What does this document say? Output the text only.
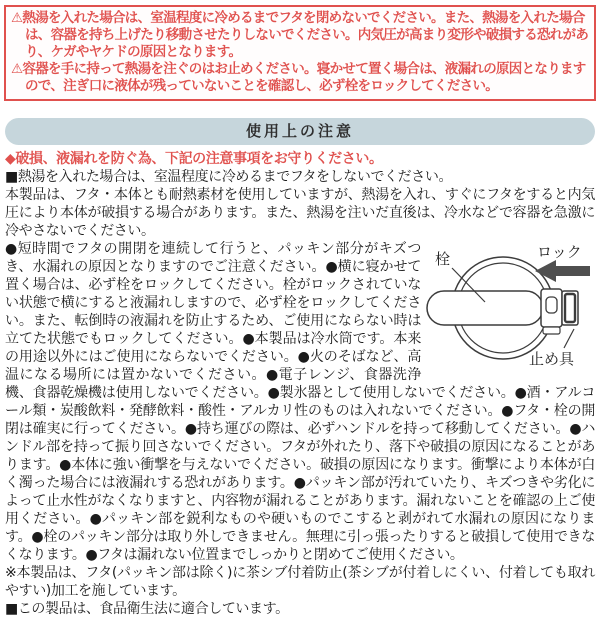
⚠熱湯を入れた場合は、室温程度に冷めるまでフタを閉めないでください。また、熱湯を入れた場合は、容器を持ち上げたり移動させたりしないでください。内気圧が高まり変形や破損する恐れがあり、ケガやヤケドの原因となります。
⚠容器を手に持って熱湯を注ぐのはお止めください。寝かせて置く場合は、液漏れの原因となりますので、注ぎ口に液体が残っていないことを確認し、必ず栓をロックしてください。
使用上の注意

◆破損、液漏れを防ぐ為、下記の注意事項をお守りください。

■熱湯を入れた場合は、室温程度に冷めるまでフタをしないでください。

本製品は、フタ・本体とも耐熱素材を使用していますが、熱湯を入れ、すぐにフタをすると内気圧により本体が破損する場合があります。また、熱湯を注いだ直後は、冷水などで容器を急激に冷やさないでください。

栓	ロック
止め具

●短時間でフタの開閉を連続して行うと、パッキン部分がキズつき、水漏れの原因となりますのでご注意ください。●横に寝かせて置く場合は、必ず栓をロックしてください。栓がロックされていない状態で横にすると液漏れしますので、必ず栓をロックしてください。また、転倒時の液漏れを防止するため、ご使用にならない時は立てた状態でもロックしてください。●本製品は冷水筒です。本来の用途以外にはご使用にならないでください。●火のそばなど、高温になる場所には置かないでください。●電子レンジ、食器洗浄機、食器乾燥機は使用しないでください。●製氷器として使用しないでください。●酒・アルコール類・炭酸飲料・発酵飲料・酸性・アルカリ性のものは入れないでください。●フタ・栓の開閉は確実に行ってください。●持ち運びの際は、必ずハンドルを持って移動してください。●ハンドル部を持って振り回さないでください。フタが外れたり、落下や破損の原因になることがあります。●本体に強い衝撃を与えないでください。破損の原因になります。衝撃により本体が白く濁った場合には液漏れする恐れがあります。●パッキン部が汚れていたり、キズつきや劣化によって止水性がなくなりますと、内容物が漏れることがあります。漏れないことを確認の上ご使用ください。●パッキン部を鋭利なものや硬いものでこすると剥がれて水漏れの原因になります。●栓のパッキン部分は取り外しできません。無理に引っ張ったりすると破損して使用できなくなります。●フタは漏れない位置までしっかりと閉めてご使用ください。

※本製品は、フタ(パッキン部は除く)に茶シブ付着防止(茶シブが付着しにくい、付着しても取れやすい)加工を施しています。

■この製品は、食品衛生法に適合しています。
